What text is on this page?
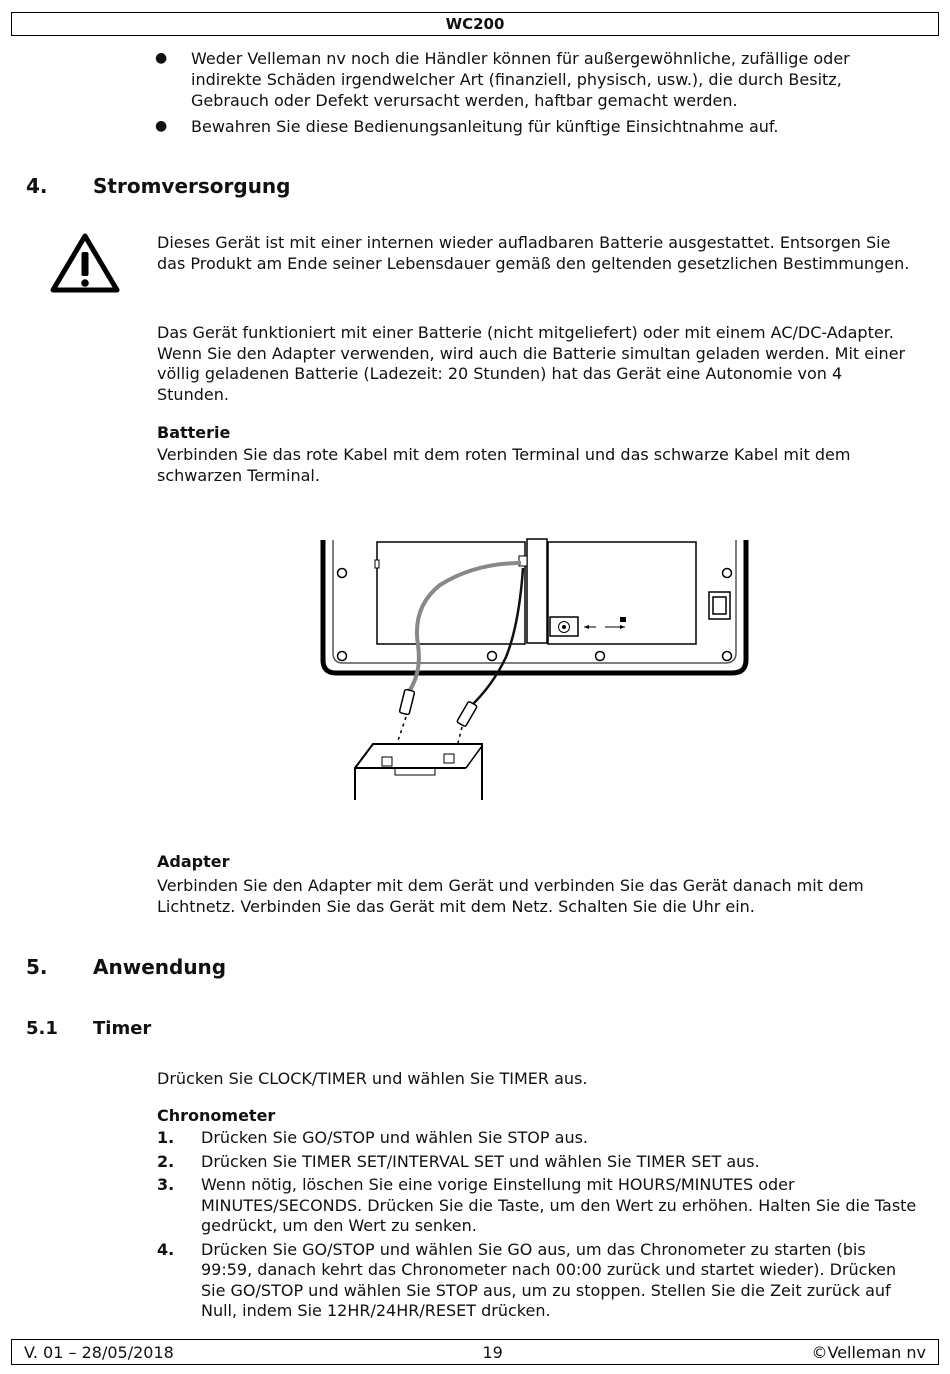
WC200
●	Weder Velleman nv noch die Händler können für außergewöhnliche, zufällige oder indirekte Schäden irgendwelcher Art (finanziell, physisch, usw.), die durch Besitz, Gebrauch oder Defekt verursacht werden, haftbar gemacht werden.
●	Bewahren Sie diese Bedienungsanleitung für künftige Einsichtnahme auf.
4. Stromversorgung

Dieses Gerät ist mit einer internen wieder aufladbaren Batterie ausgestattet. Entsorgen Sie das Produkt am Ende seiner Lebensdauer gemäß den geltenden gesetzlichen Bestimmungen.

Das Gerät funktioniert mit einer Batterie (nicht mitgeliefert) oder mit einem AC/DC-Adapter. Wenn Sie den Adapter verwenden, wird auch die Batterie simultan geladen werden. Mit einer völlig geladenen Batterie (Ladezeit: 20 Stunden) hat das Gerät eine Autonomie von 4 Stunden.

Batterie

Verbinden Sie das rote Kabel mit dem roten Terminal und das schwarze Kabel mit dem schwarzen Terminal.

Adapter

Verbinden Sie den Adapter mit dem Gerät und verbinden Sie das Gerät danach mit dem Lichtnetz. Verbinden Sie das Gerät mit dem Netz. Schalten Sie die Uhr ein.

5. Anwendung
5.1 Timer

Drücken Sie CLOCK/TIMER und wählen Sie TIMER aus.

Chronometer
1.	Drücken Sie GO/STOP und wählen Sie STOP aus.
2.	Drücken Sie TIMER SET/INTERVAL SET und wählen Sie TIMER SET aus.
3.	Wenn nötig, löschen Sie eine vorige Einstellung mit HOURS/MINUTES oder MINUTES/SECONDS. Drücken Sie die Taste, um den Wert zu erhöhen. Halten Sie die Taste gedrückt, um den Wert zu senken.
4.	Drücken Sie GO/STOP und wählen Sie GO aus, um das Chronometer zu starten (bis 99:59, danach kehrt das Chronometer nach 00:00 zurück und startet wieder). Drücken Sie GO/STOP und wählen Sie STOP aus, um zu stoppen. Stellen Sie die Zeit zurück auf Null, indem Sie 12HR/24HR/RESET drücken.
V. 01 – 28/05/2018	19	©Velleman nv
